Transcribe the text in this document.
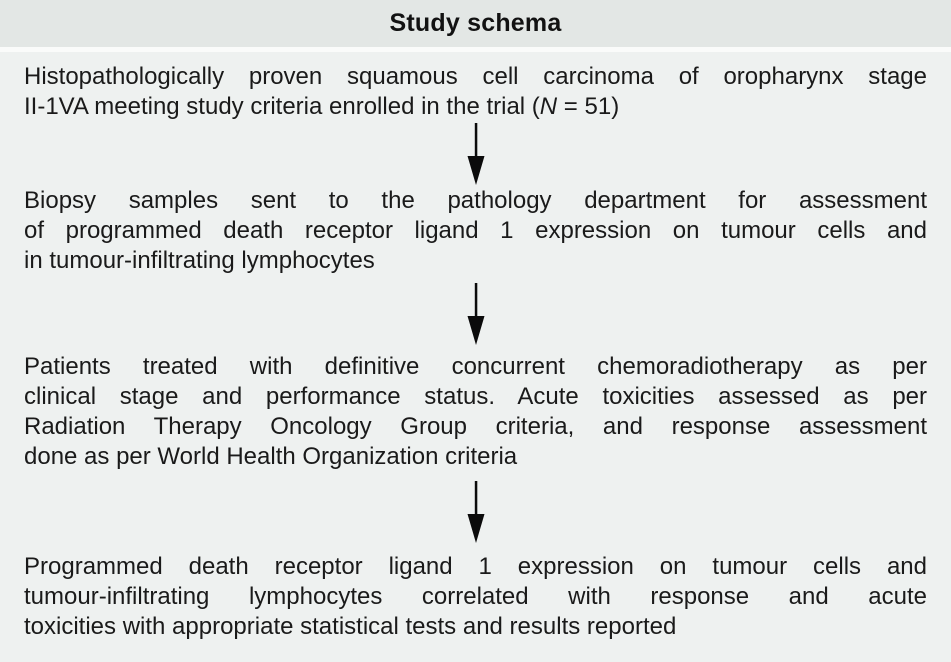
Study schema
Histopathologically proven squamous cell carcinoma of oropharynx stage
II-1VA meeting study criteria enrolled in the trial (N = 51)
Biopsy samples sent to the pathology department for assessment
of programmed death receptor ligand 1 expression on tumour cells and
in tumour-infiltrating lymphocytes
Patients treated with definitive concurrent chemoradiotherapy as per
clinical stage and performance status. Acute toxicities assessed as per
Radiation Therapy Oncology Group criteria, and response assessment
done as per World Health Organization criteria
Programmed death receptor ligand 1 expression on tumour cells and
tumour-infiltrating lymphocytes correlated with response and acute
toxicities with appropriate statistical tests and results reported
